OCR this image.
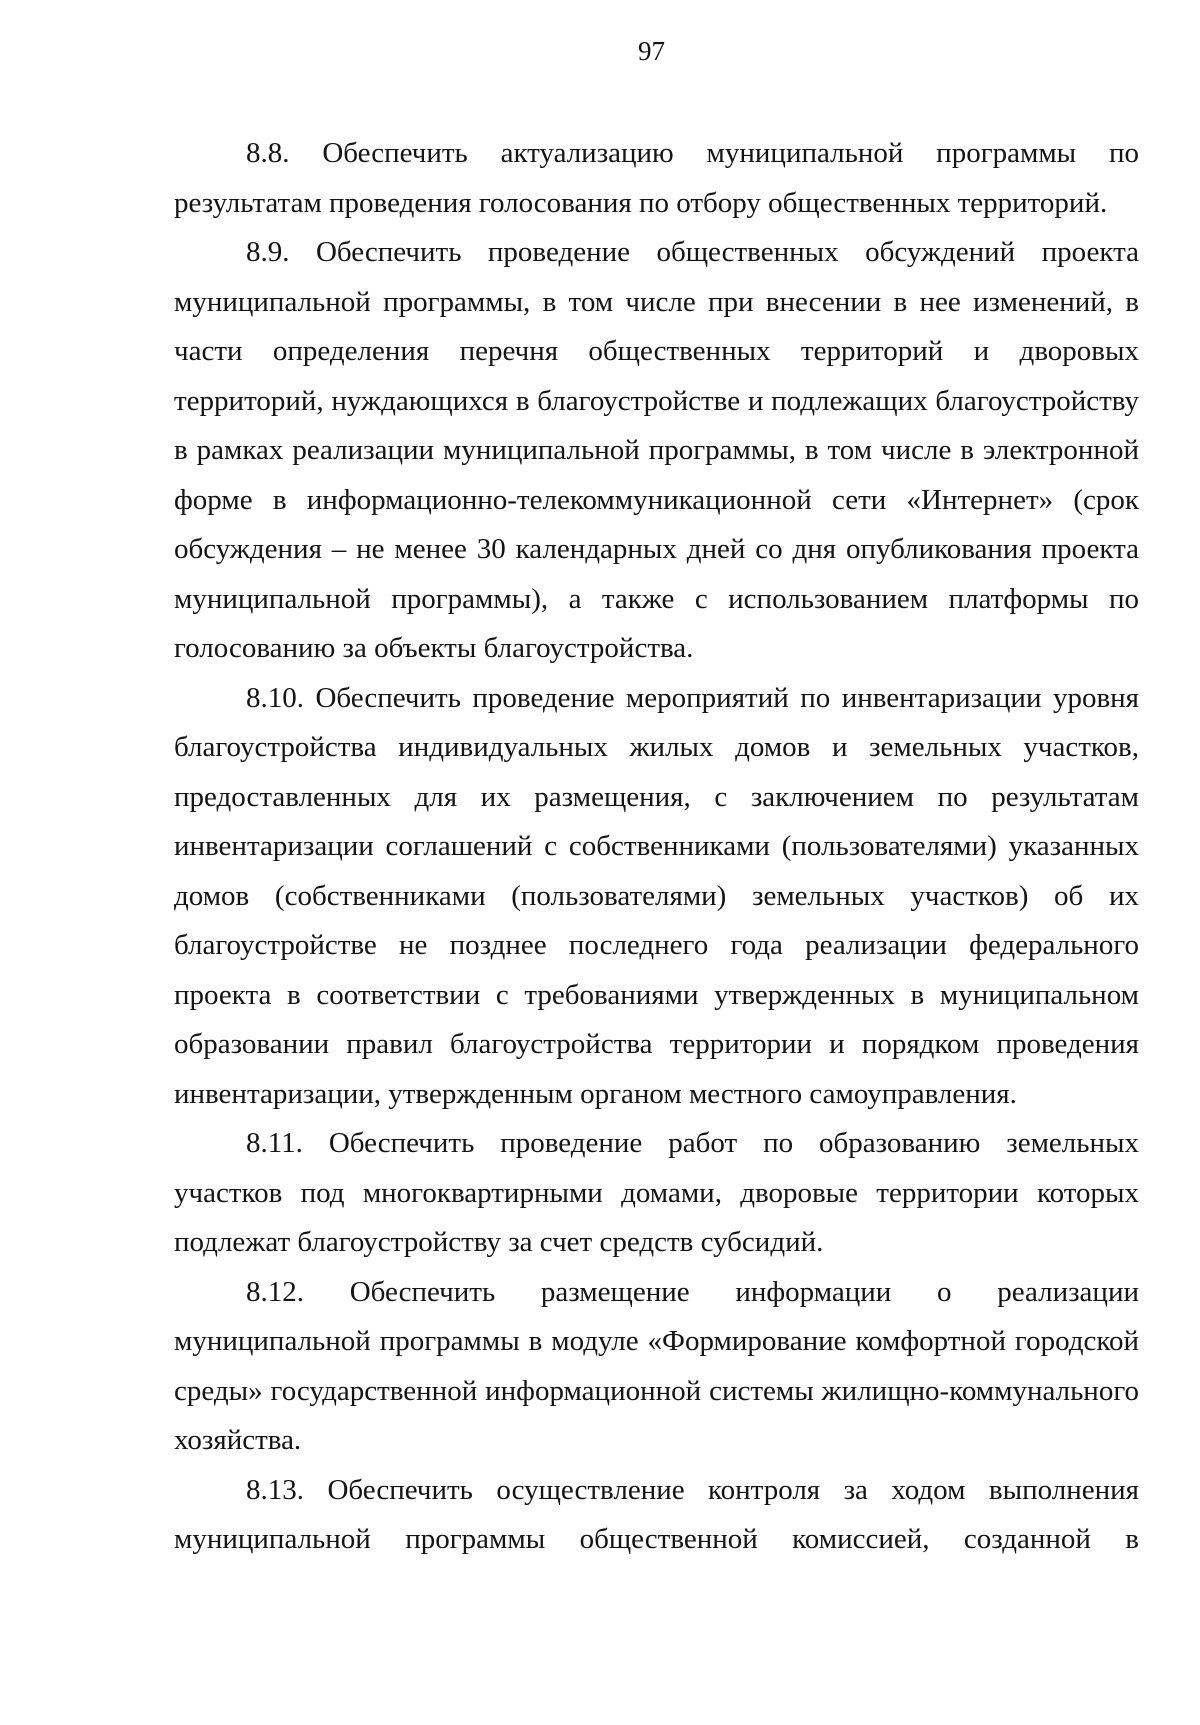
97

8.8. Обеспечить актуализацию муниципальной программы по результатам проведения голосования по отбору общественных территорий.

8.9. Обеспечить проведение общественных обсуждений проекта муниципальной программы, в том числе при внесении в нее изменений, в части определения перечня общественных территорий и дворовых территорий, нуждающихся в благоустройстве и подлежащих благоустройству в рамках реализации муниципальной программы, в том числе в электронной форме в информационно-телекоммуникационной сети «Интернет» (срок обсуждения – не менее 30 календарных дней со дня опубликования проекта муниципальной программы), а также с использованием платформы по голосованию за объекты благоустройства.

8.10. Обеспечить проведение мероприятий по инвентаризации уровня благоустройства индивидуальных жилых домов и земельных участков, предоставленных для их размещения, с заключением по результатам инвентаризации соглашений с собственниками (пользователями) указанных домов (собственниками (пользователями) земельных участков) об их благоустройстве не позднее последнего года реализации федерального проекта в соответствии с требованиями утвержденных в муниципальном образовании правил благоустройства территории и порядком проведения инвентаризации, утвержденным органом местного самоуправления.

8.11. Обеспечить проведение работ по образованию земельных участков под многоквартирными домами, дворовые территории которых подлежат благоустройству за счет средств субсидий.

8.12. Обеспечить размещение информации о реализации муниципальной программы в модуле «Формирование комфортной городской среды» государственной информационной системы жилищно-коммунального хозяйства.

8.13. Обеспечить осуществление контроля за ходом выполнения муниципальной программы общественной комиссией, созданной в
